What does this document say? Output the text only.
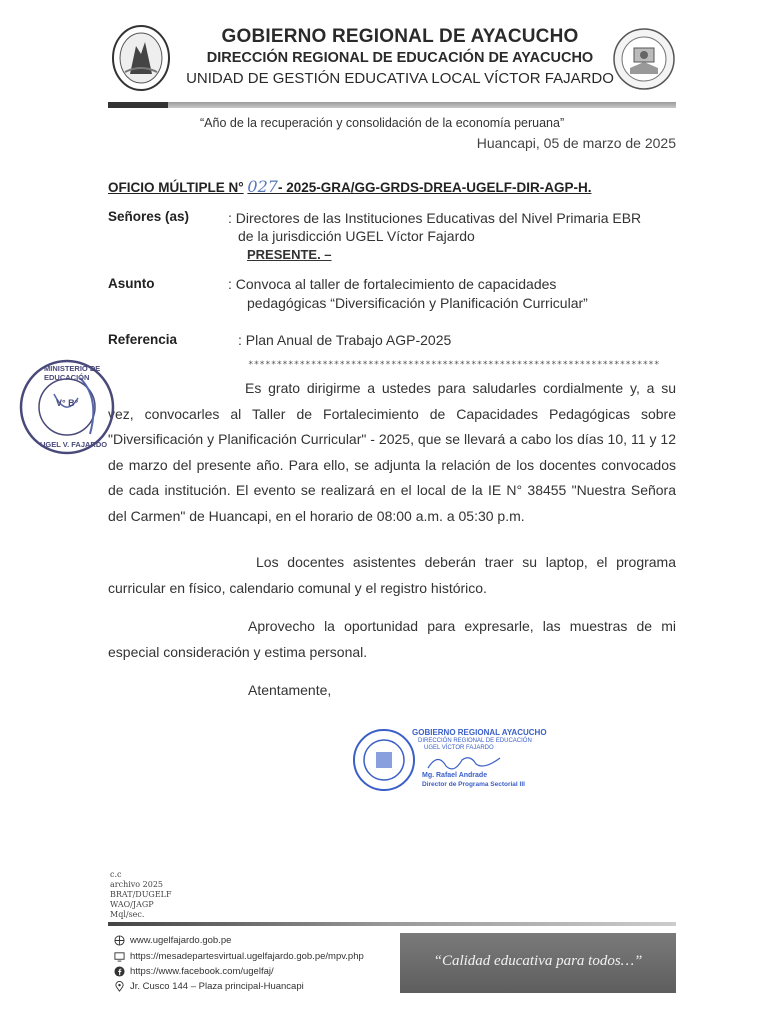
GOBIERNO REGIONAL DE AYACUCHO
DIRECCIÓN REGIONAL DE EDUCACIÓN DE AYACUCHO
UNIDAD DE GESTIÓN EDUCATIVA LOCAL VÍCTOR FAJARDO
“Año de la recuperación y consolidación de la economía peruana”
Huancapi, 05 de marzo de 2025
OFICIO MÚLTIPLE N° 027- 2025-GRA/GG-GRDS-DREA-UGELF-DIR-AGP-H.
Señores (as)	: Directores de las Instituciones Educativas del Nivel Primaria EBR
de la jurisdicción UGEL Víctor Fajardo
PRESENTE. –
Asunto	: Convoca al taller de fortalecimiento de capacidades
pedagógicas “Diversificación y Planificación Curricular”
Referencia	: Plan Anual de Trabajo AGP-2025
************************************************************************
Es grato dirigirme a ustedes para saludarles cordialmente y, a su vez, convocarles al Taller de Fortalecimiento de Capacidades Pedagógicas sobre "Diversificación y Planificación Curricular" - 2025, que se llevará a cabo los días 10, 11 y 12 de marzo del presente año. Para ello, se adjunta la relación de los docentes convocados de cada institución. El evento se realizará en el local de la IE N° 38455 "Nuestra Señora del Carmen" de Huancapi, en el horario de 08:00 a.m. a 05:30 p.m.
Los docentes asistentes deberán traer su laptop, el programa curricular en físico, calendario comunal y el registro histórico.
Aprovecho la oportunidad para expresarle, las muestras de mi especial consideración y estima personal.
Atentamente,
MINISTERIO DE EDUCACIÓN
V° B°
UGEL V. FAJARDO
GOBIERNO REGIONAL AYACUCHO
DIRECCIÓN REGIONAL DE EDUCACIÓN
UGEL VÍCTOR FAJARDO
Mg. Rafael Andrade
Director de Programa Sectorial III
c.c
archivo 2025
BRAT/DUGELF
WAO/JAGP
Mql/sec.
www.ugelfajardo.gob.pe
https://mesadepartesvirtual.ugelfajardo.gob.pe/mpv.php
https://www.facebook.com/ugelfaj/
Jr. Cusco 144 – Plaza principal-Huancapi
“Calidad educativa para todos…”
